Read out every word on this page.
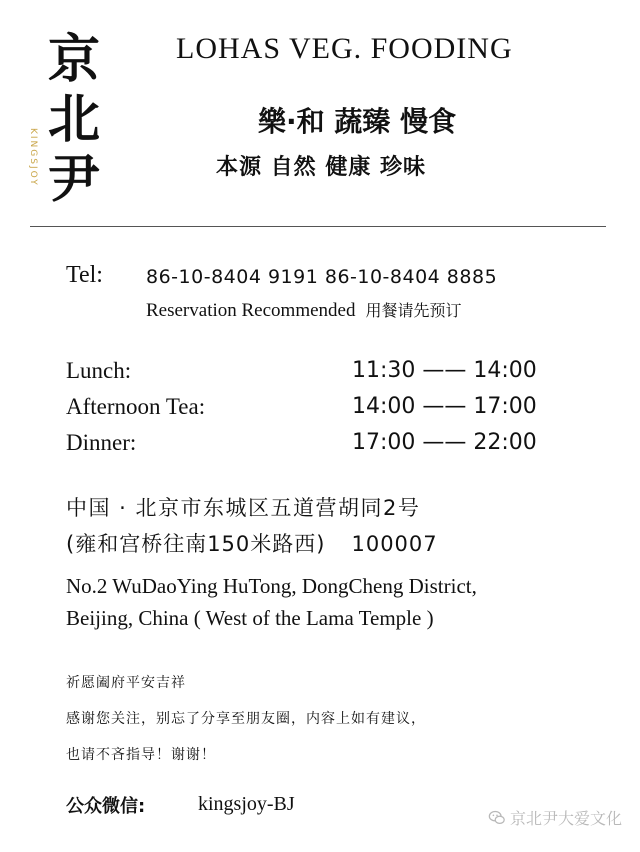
京
北
尹
KINGSJOY
LOHAS VEG. FOODING
樂·和 蔬臻 慢食
本源 自然 健康 珍味
Tel: 86-10-8404 9191 86-10-8404 8885
Reservation Recommended 用餐请先预订
Lunch:	11:30 —— 14:00
Afternoon Tea:	14:00 —— 17:00
Dinner:	17:00 —— 22:00
中国 · 北京市东城区五道营胡同2号
(雍和宫桥往南150米路西) 100007
No.2 WuDaoYing HuTong, DongCheng District,
Beijing, China ( West of the Lama Temple )
祈愿阖府平安吉祥
感谢您关注，别忘了分享至朋友圈，内容上如有建议，
也请不吝指导！谢谢！
公众微信:	kingsjoy-BJ
京北尹大爱文化
